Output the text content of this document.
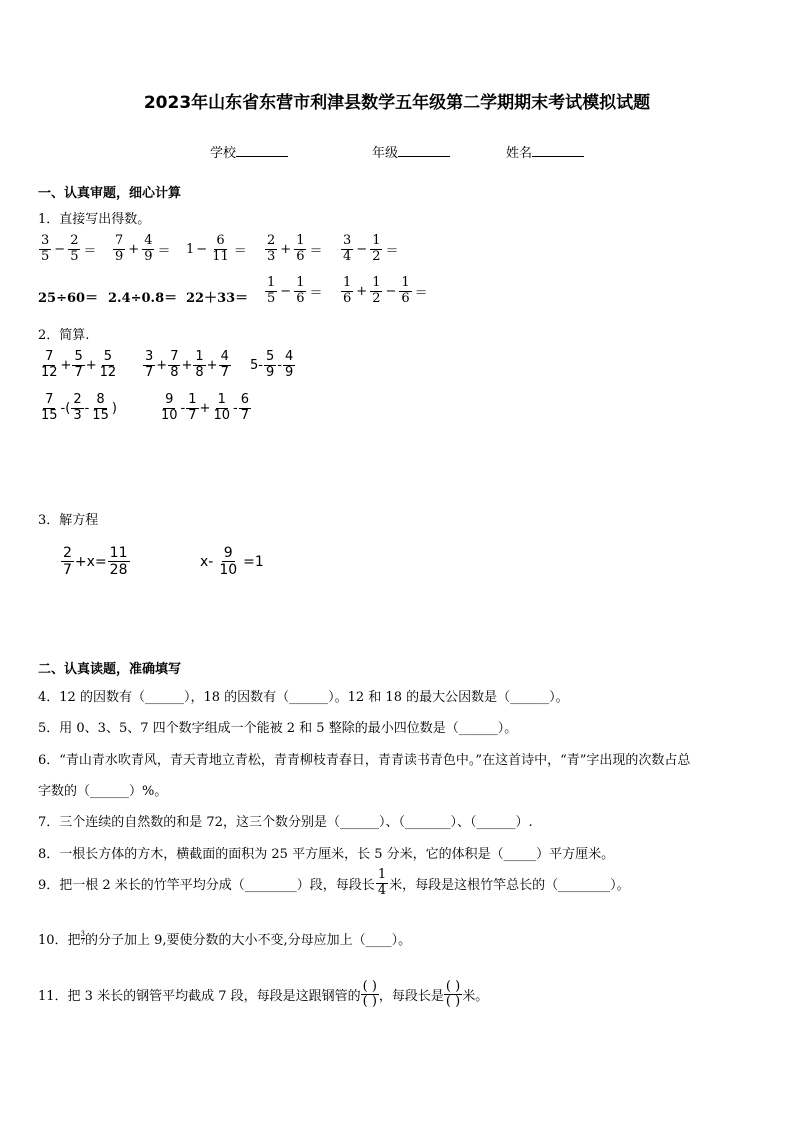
2023年山东省东营市利津县数学五年级第二学期期末考试模拟试题
学校	年级	姓名
一、认真审题，细心计算
1．直接写出得数。
$\frac{3}{5} - \frac{2}{5} = \frac{7}{9} + \frac{4}{9} = 1 - \frac{6}{11} = \frac{2}{3} + \frac{1}{6} = \frac{3}{4} - \frac{1}{2}$ ＝
$25\div 60= 2.4\div 0.8= 22+33= \frac{1}{5} - \frac{1}{6} = \frac{1}{6} + \frac{1}{2} - \frac{1}{6}$ ＝
2．简算.
$\frac{7}{12} + \frac{5}{7} + \frac{5}{12} \frac{3}{7} + \frac{7}{8} + \frac{1}{8} + \frac{4}{7} 5- \frac{5}{9} - \frac{4}{9}$
$\frac{7}{15}$ -( $\frac{2}{3} - \frac{8}{15}$ )	$\frac{9}{10} - \frac{1}{7} + \frac{1}{10} - \frac{6}{7}$
3．解方程
$\frac{2}{7} +x= \frac{11}{28}$	$x- \frac{9}{10} =1$
二、认真读题，准确填写
4．12 的因数有（______），18 的因数有（______）。12 和 18 的最大公因数是（______）。
5．用 0、3、5、7 四个数字组成一个能被 2 和 5 整除的最小四位数是（______）。
6．“青山青水吹青风，青天青地立青松，青青柳枝青春日，青青读书青色中。”在这首诗中，“青”字出现的次数占总
字数的（______）%。
7．三个连续的自然数的和是 72，这三个数分别是（______）、（_______）、（______）.
8．一根长方体的方木，横截面的面积为 25 平方厘米，长 5 分米，它的体积是（_____）平方厘米。
9．把一根 2 米长的竹竿平均分成（________）段，每段长 $\frac{1}{4}$ 米，每段是这根竹竿总长的（________）。
10．把 3
7 的分子加上 9,要使分数的大小不变,分母应加上（____）。
11．把 3 米长的钢管平均截成 7 段，每段是这跟钢管的
( )
( ) ，每段长是
( )
( ) 米。
